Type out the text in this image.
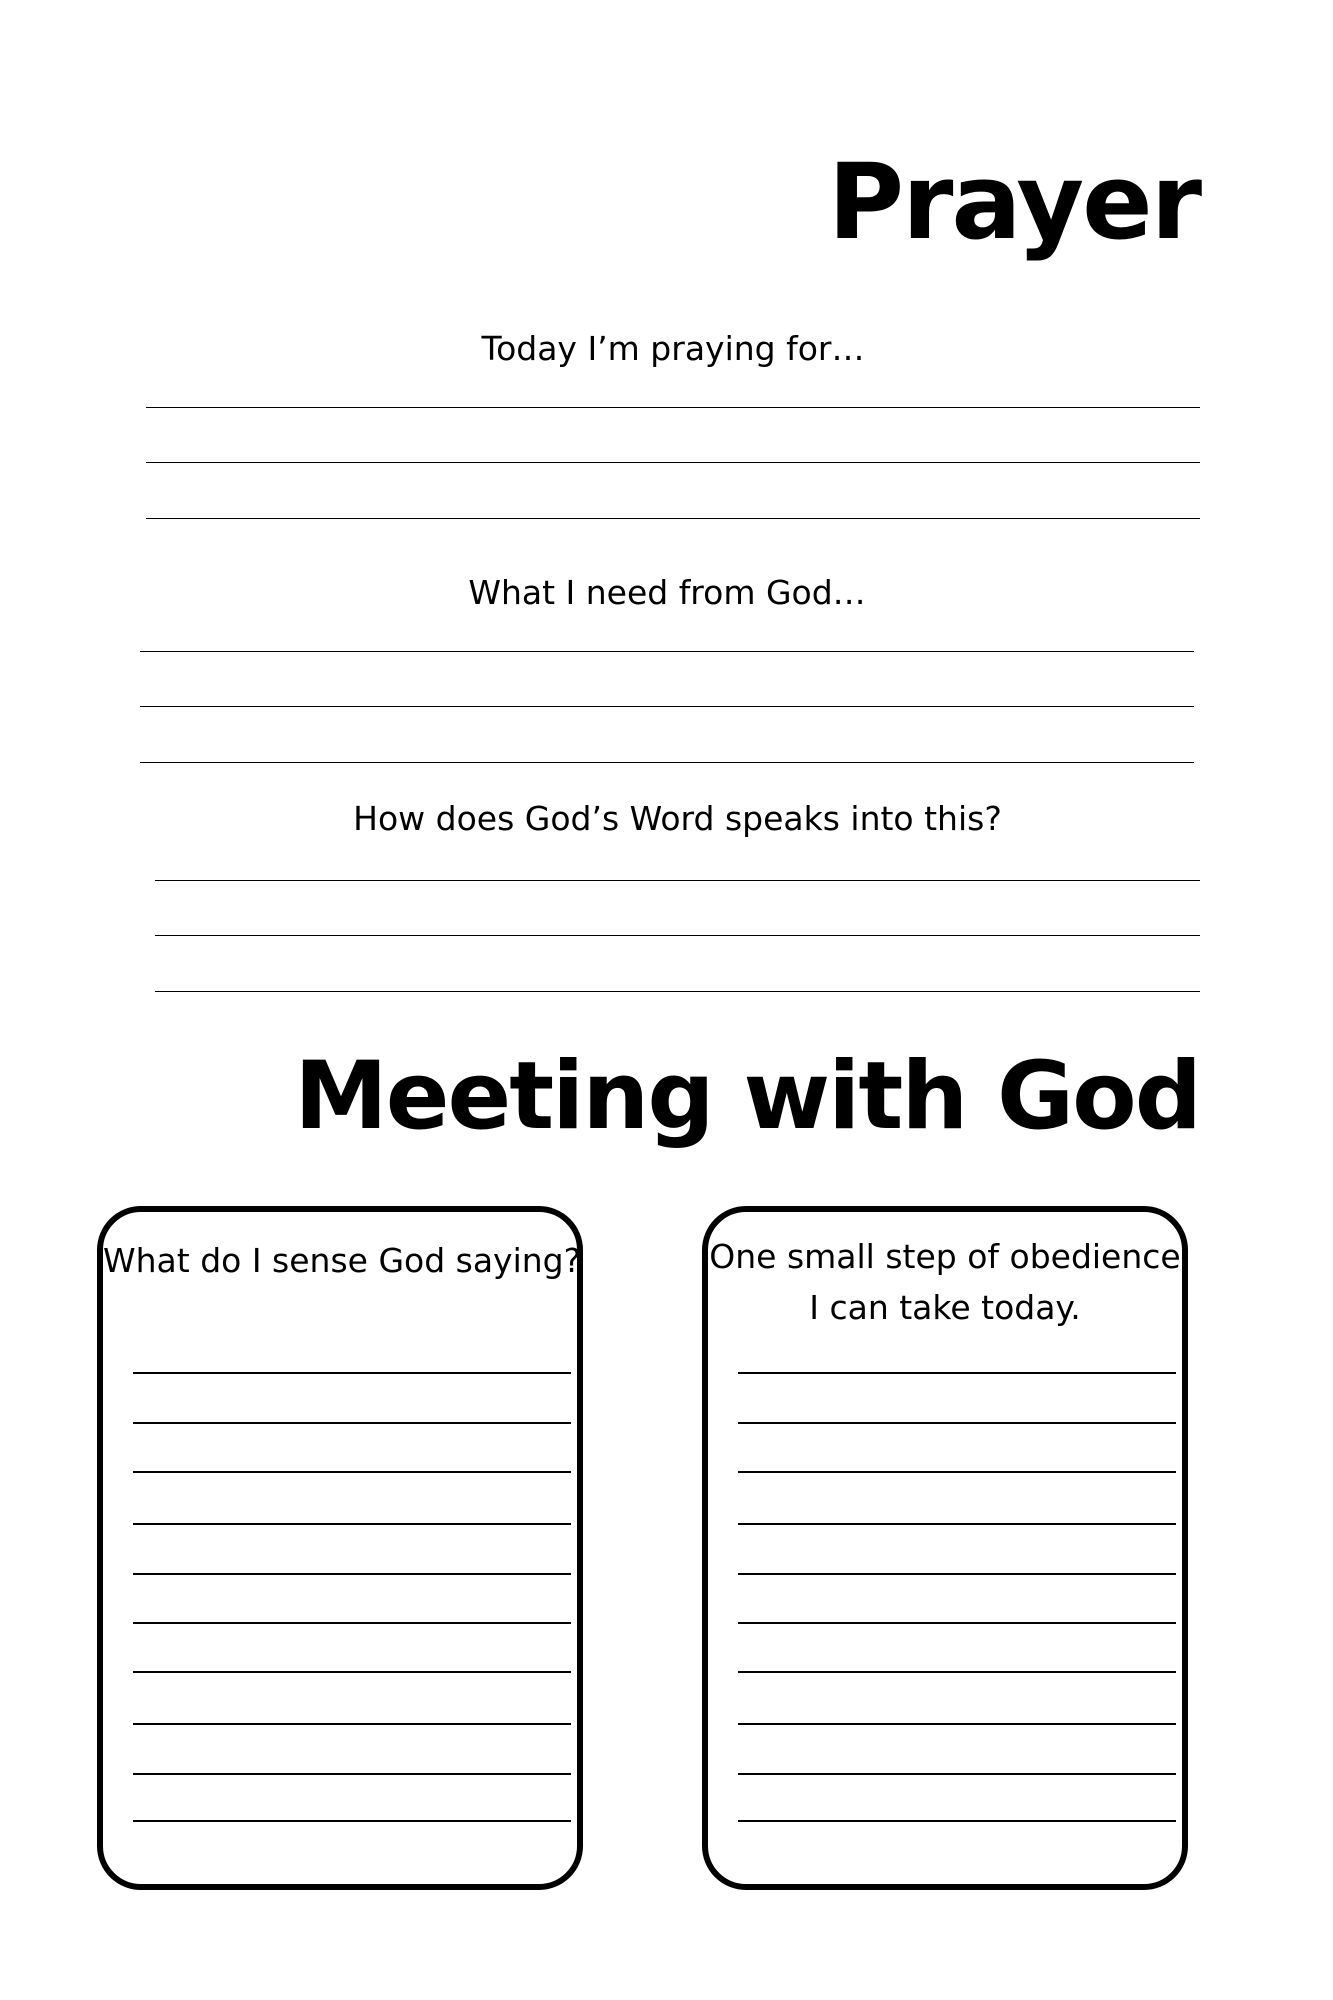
Prayer

Today I’m praying for…

What I need from God…

How does God’s Word speaks into this?

Meeting with God

What do I sense God saying?	One small step of obedience

I can take today.
